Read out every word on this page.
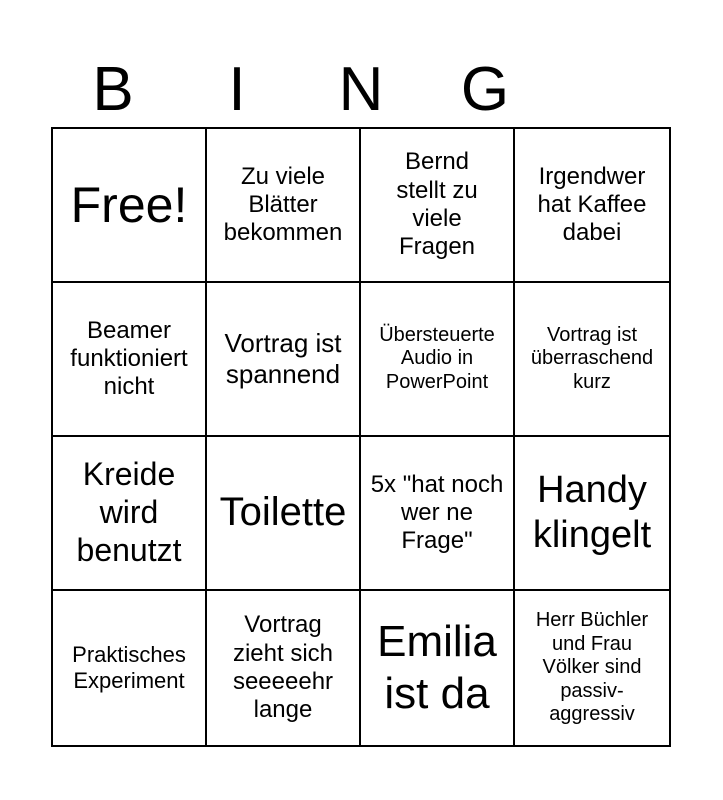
B	I	N	G
Free!
Zu viele Blätter bekommen
Bernd stellt zu viele Fragen
Irgendwer hat Kaffee dabei
Beamer funktioniert nicht
Vortrag ist spannend
Übersteuerte Audio in PowerPoint
Vortrag ist überraschend kurz
Kreide wird benutzt
Toilette
5x "hat noch wer ne Frage"
Handy klingelt
Praktisches Experiment
Vortrag zieht sich seeeeehr lange
Emilia ist da
Herr Büchler und Frau Völker sind passiv-aggressiv
